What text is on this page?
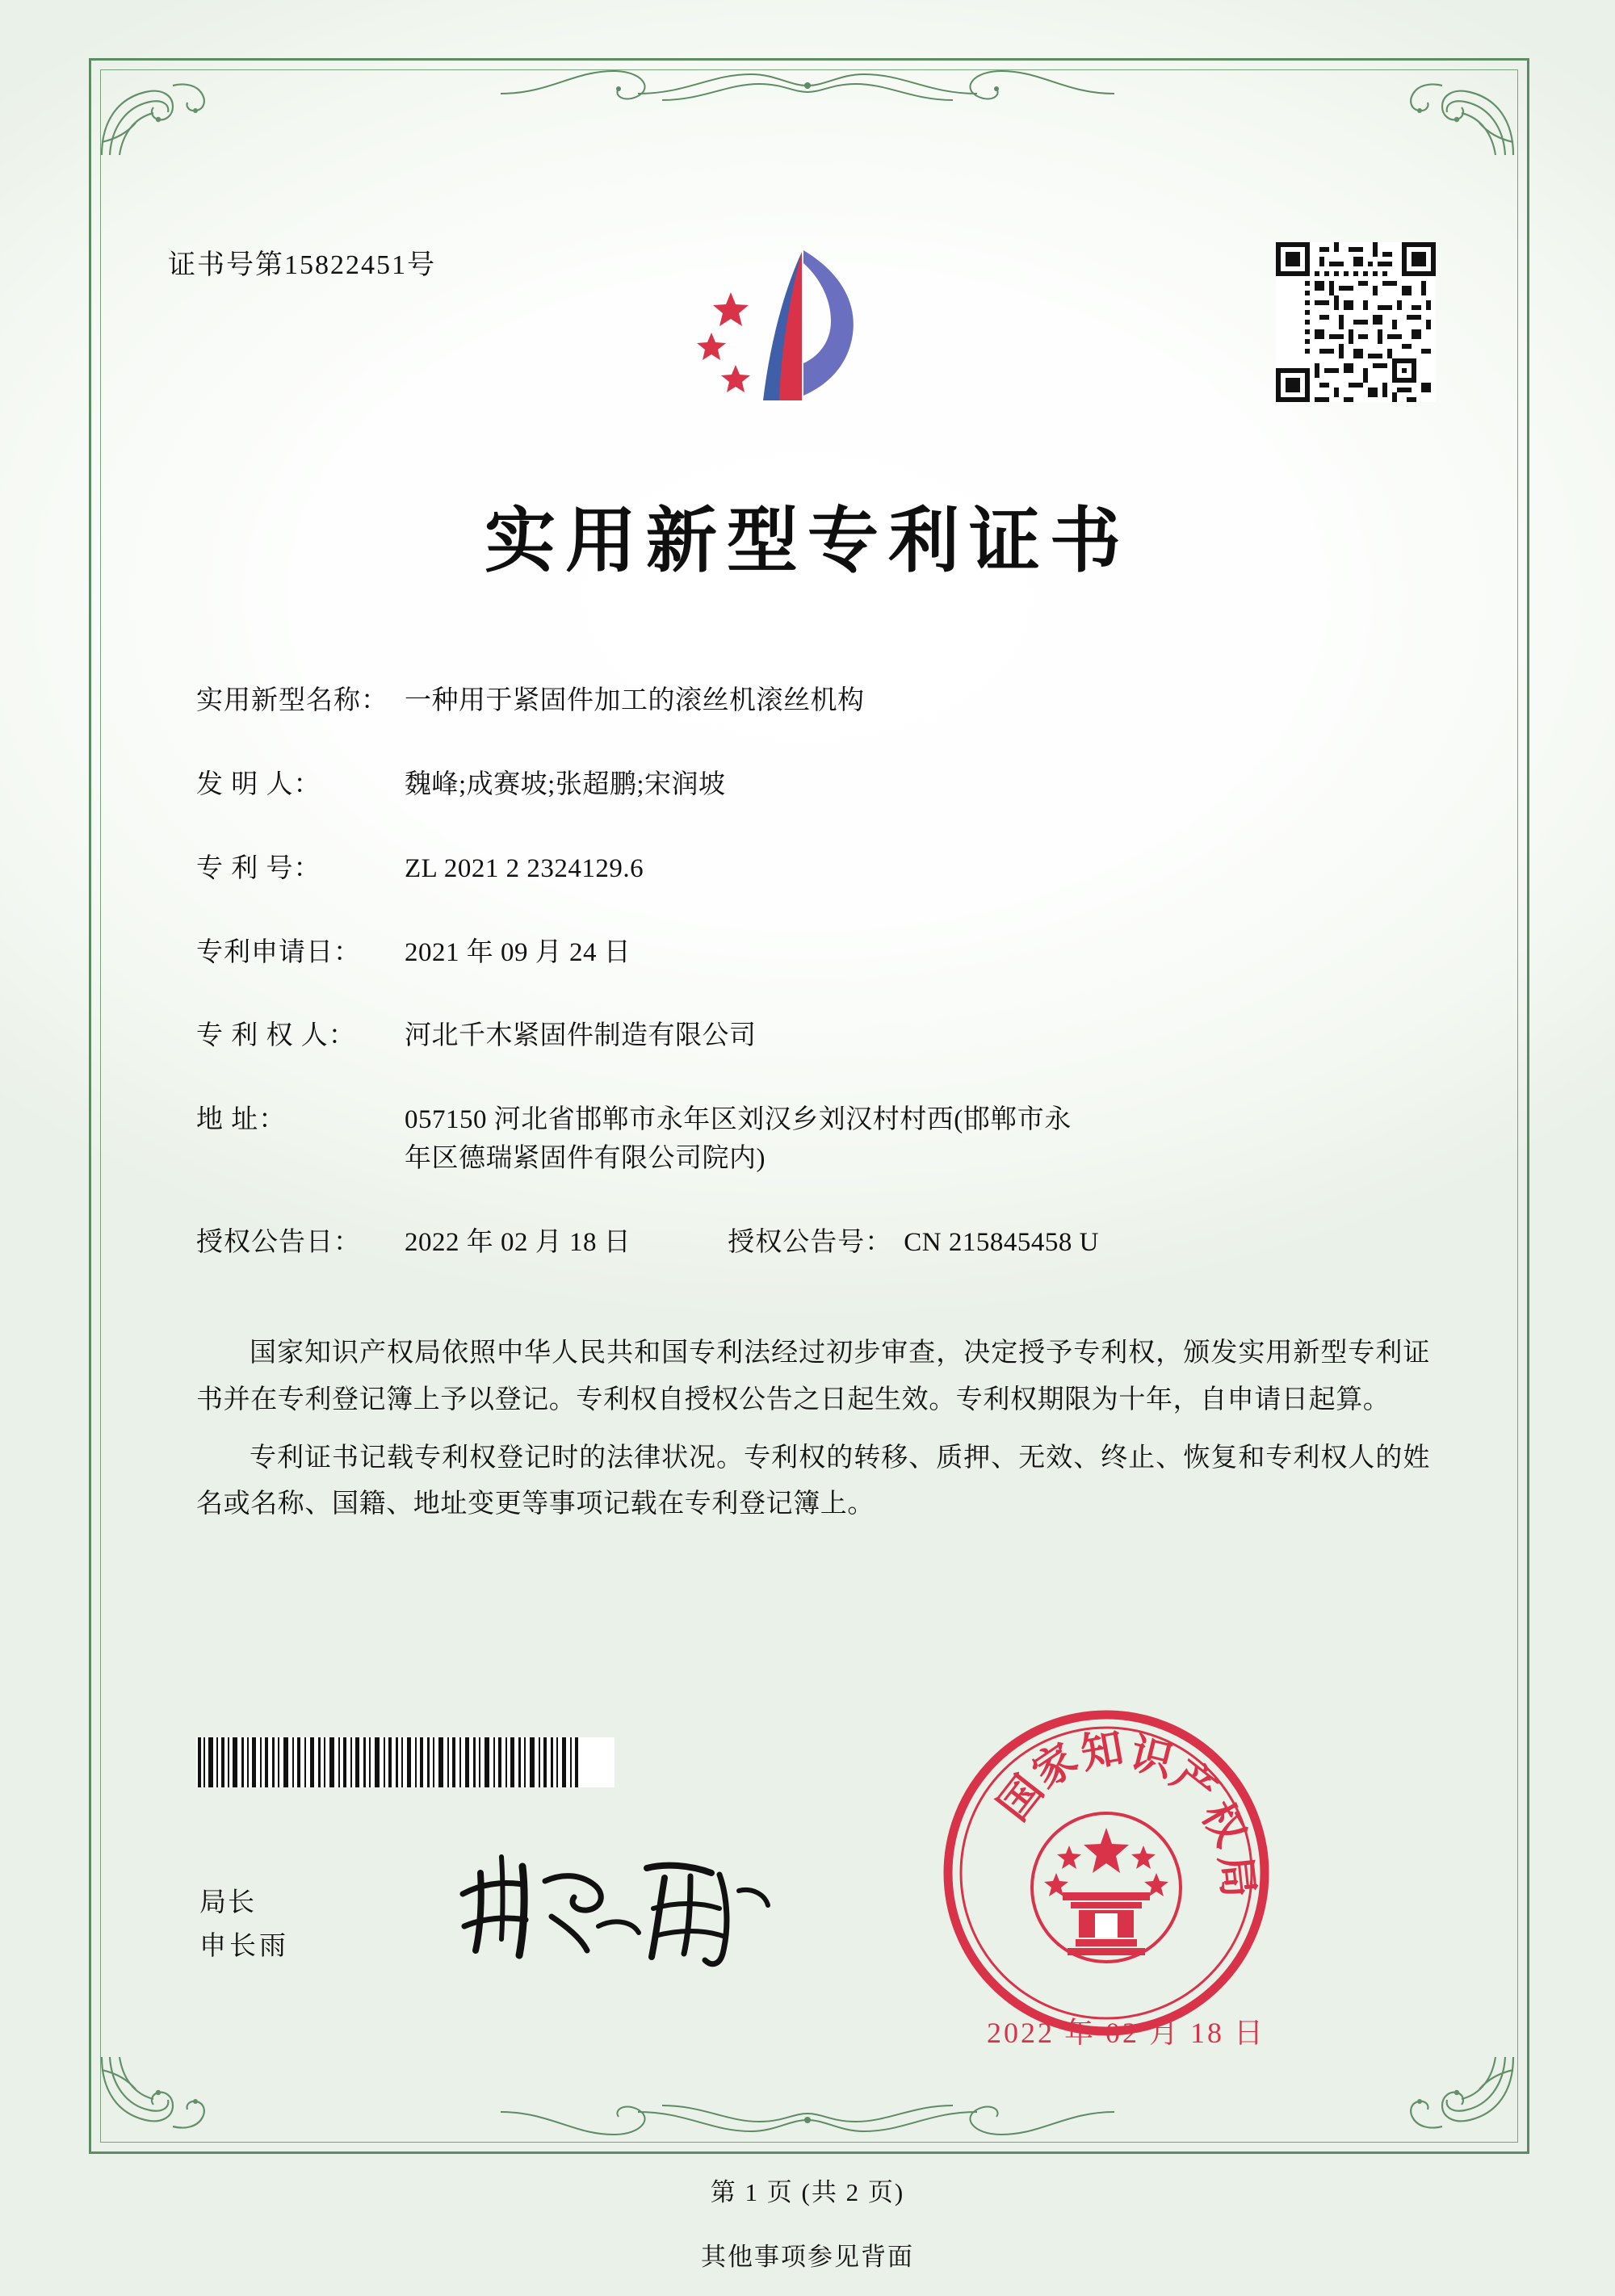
证书号第15822451号
实用新型专利证书
实用新型名称： 一种用于紧固件加工的滚丝机滚丝机构
发 明 人：	魏峰;成赛坡;张超鹏;宋润坡
专 利 号：	ZL 2021 2 2324129.6
专利申请日：	2021 年 09 月 24 日
专 利 权 人：	河北千木紧固件制造有限公司
地 址：	057150 河北省邯郸市永年区刘汉乡刘汉村村西(邯郸市永
年区德瑞紧固件有限公司院内)
授权公告日：	2022 年 02 月 18 日	授权公告号： CN 215845458 U

国家知识产权局依照中华人民共和国专利法经过初步审查，决定授予专利权，颁发实用新型专利证书并在专利登记簿上予以登记。专利权自授权公告之日起生效。专利权期限为十年，自申请日起算。

专利证书记载专利权登记时的法律状况。专利权的转移、质押、无效、终止、恢复和专利权人的姓名或名称、国籍、地址变更等事项记载在专利登记簿上。

局长
申长雨
国
家
知
识
产
权
局
2022 年 02 月 18 日
第 1 页 (共 2 页)
其他事项参见背面
